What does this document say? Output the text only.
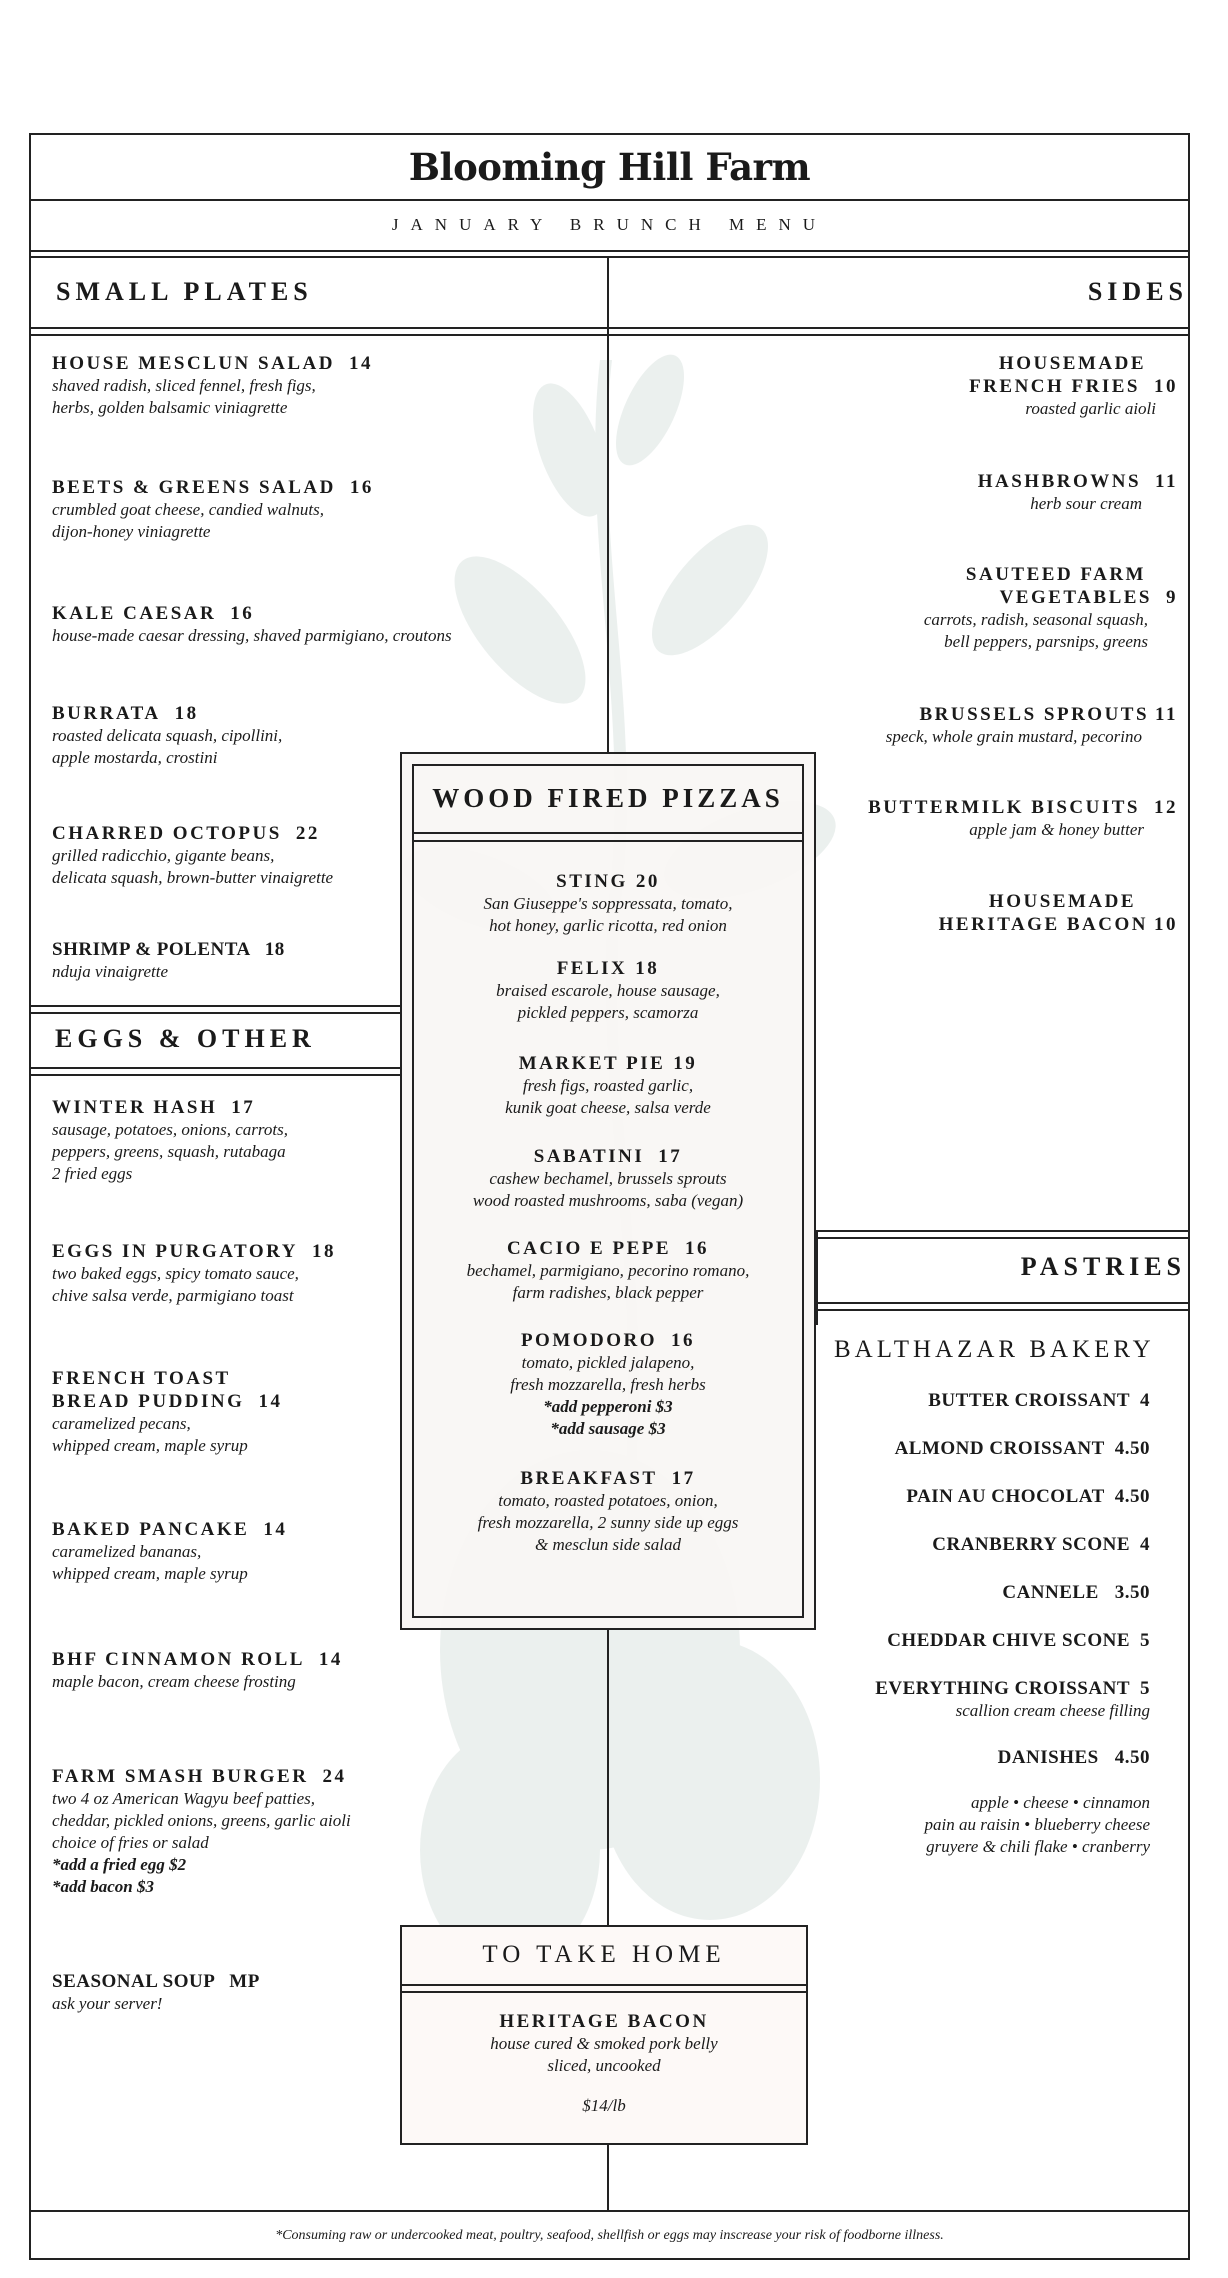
Blooming Hill Farm
JANUARY BRUNCH MENU
SMALL PLATES	SIDES
HOUSE MESCLUN SALAD 14
shaved radish, sliced fennel, fresh figs,
herbs, golden balsamic viniagrette
BEETS & GREENS SALAD 16
crumbled goat cheese, candied walnuts,
dijon-honey viniagrette
KALE CAESAR 16
house-made caesar dressing, shaved parmigiano, croutons
BURRATA 18
roasted delicata squash, cipollini,
apple mostarda, crostini
CHARRED OCTOPUS 22
grilled radicchio, gigante beans,
delicata squash, brown-butter vinaigrette
SHRIMP & POLENTA 18
nduja vinaigrette
EGGS & OTHER
WINTER HASH 17
sausage, potatoes, onions, carrots,
peppers, greens, squash, rutabaga
2 fried eggs
EGGS IN PURGATORY 18
two baked eggs, spicy tomato sauce,
chive salsa verde, parmigiano toast
FRENCH TOAST
BREAD PUDDING 14
caramelized pecans,
whipped cream, maple syrup
BAKED PANCAKE 14
caramelized bananas,
whipped cream, maple syrup
BHF CINNAMON ROLL 14
maple bacon, cream cheese frosting
FARM SMASH BURGER 24
two 4 oz American Wagyu beef patties,
cheddar, pickled onions, greens, garlic aioli
choice of fries or salad
*add a fried egg $2
*add bacon $3
SEASONAL SOUP MP
ask your server!
HOUSEMADE
FRENCH FRIES 10
roasted garlic aioli
HASHBROWNS 11
herb sour cream
SAUTEED FARM
VEGETABLES 9
carrots, radish, seasonal squash,
bell peppers, parsnips, greens
BRUSSELS SPROUTS 11
speck, whole grain mustard, pecorino
BUTTERMILK BISCUITS 12
apple jam & honey butter
HOUSEMADE
HERITAGE BACON 10
WOOD FIRED PIZZAS
STING 20
San Giuseppe's soppressata, tomato,
hot honey, garlic ricotta, red onion
FELIX 18
braised escarole, house sausage,
pickled peppers, scamorza
MARKET PIE 19
fresh figs, roasted garlic,
kunik goat cheese, salsa verde
SABATINI 17
cashew bechamel, brussels sprouts
wood roasted mushrooms, saba (vegan)
CACIO E PEPE 16
bechamel, parmigiano, pecorino romano,
farm radishes, black pepper
POMODORO 16
tomato, pickled jalapeno,
fresh mozzarella, fresh herbs
*add pepperoni $3
*add sausage $3
BREAKFAST 17
tomato, roasted potatoes, onion,
fresh mozzarella, 2 sunny side up eggs
& mesclun side salad
PASTRIES
BALTHAZAR BAKERY
BUTTER CROISSANT 4
ALMOND CROISSANT 4.50
PAIN AU CHOCOLAT 4.50
CRANBERRY SCONE 4
CANNELE 3.50
CHEDDAR CHIVE SCONE 5
EVERYTHING CROISSANT 5
scallion cream cheese filling
DANISHES 4.50
apple • cheese • cinnamon
pain au raisin • blueberry cheese
gruyere & chili flake • cranberry
TO TAKE HOME
HERITAGE BACON
house cured & smoked pork belly
sliced, uncooked
$14/lb
*Consuming raw or undercooked meat, poultry, seafood, shellfish or eggs may inscrease your risk of foodborne illness.
